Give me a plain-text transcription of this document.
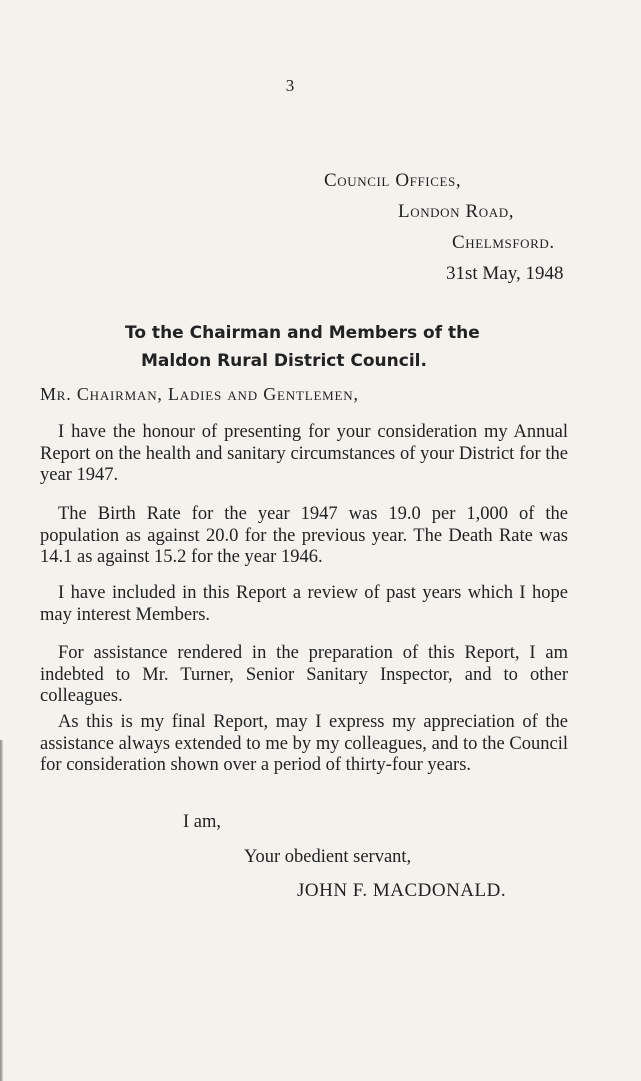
3
Council Offices,
London Road,
Chelmsford.
31st May, 1948
To the Chairman and Members of the
Maldon Rural District Council.
Mr. Chairman, Ladies and Gentlemen,
I have the honour of presenting for your consideration my Annual Report on the health and sanitary circumstances of your District for the year 1947.
The Birth Rate for the year 1947 was 19.0 per 1,000 of the population as against 20.0 for the previous year. The Death Rate was 14.1 as against 15.2 for the year 1946.
I have included in this Report a review of past years which I hope may interest Members.
For assistance rendered in the preparation of this Report, I am indebted to Mr. Turner, Senior Sanitary Inspector, and to other colleagues.
As this is my final Report, may I express my appreciation of the assistance always extended to me by my colleagues, and to the Council for consideration shown over a period of thirty-four years.
I am,
Your obedient servant,
JOHN F. MACDONALD.
